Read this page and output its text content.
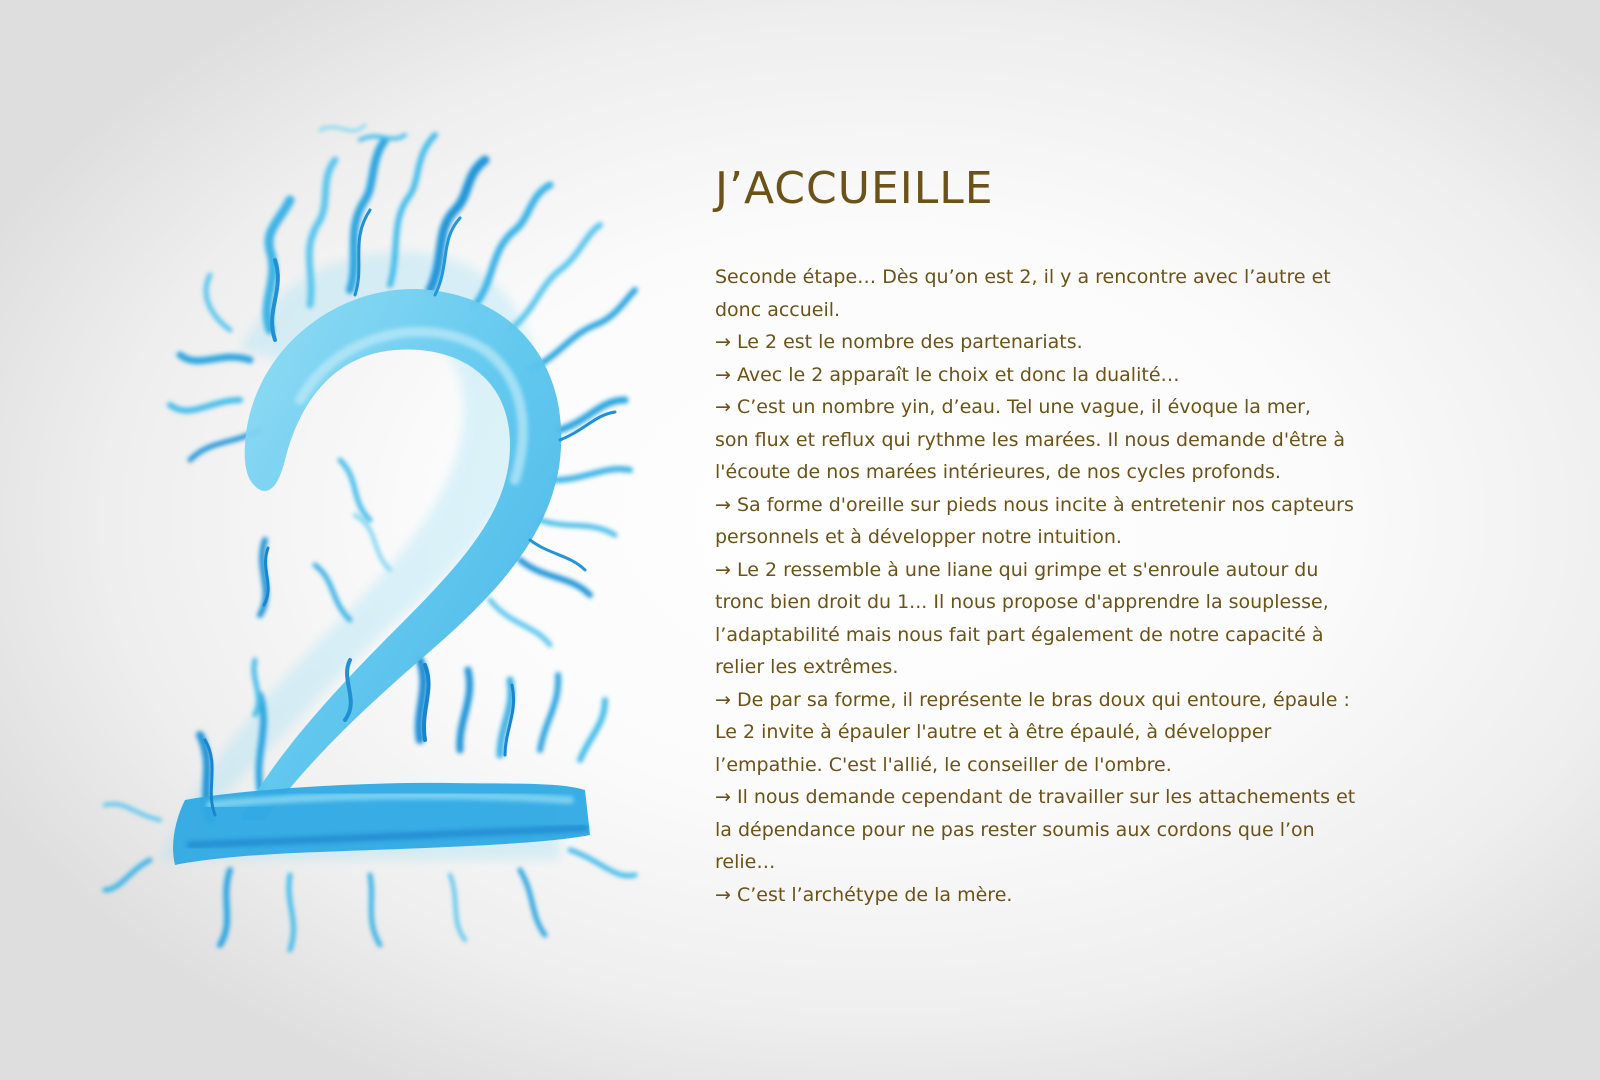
J’ACCUEILLE

Seconde étape… Dès qu’on est 2, il y a rencontre avec l’autre et
donc accueil.
→ Le 2 est le nombre des partenariats.
→ Avec le 2 apparaît le choix et donc la dualité…
→ C’est un nombre yin, d’eau. Tel une vague, il évoque la mer,
son flux et reflux qui rythme les marées. Il nous demande d'être à
l'écoute de nos marées intérieures, de nos cycles profonds.
→ Sa forme d'oreille sur pieds nous incite à entretenir nos capteurs
personnels et à développer notre intuition.
→ Le 2 ressemble à une liane qui grimpe et s'enroule autour du
tronc bien droit du 1... Il nous propose d'apprendre la souplesse,
l’adaptabilité mais nous fait part également de notre capacité à
relier les extrêmes.
→ De par sa forme, il représente le bras doux qui entoure, épaule :
Le 2 invite à épauler l'autre et à être épaulé, à développer
l’empathie. C'est l'allié, le conseiller de l'ombre.
→ Il nous demande cependant de travailler sur les attachements et
la dépendance pour ne pas rester soumis aux cordons que l’on
relie…
→ C’est l’archétype de la mère.
